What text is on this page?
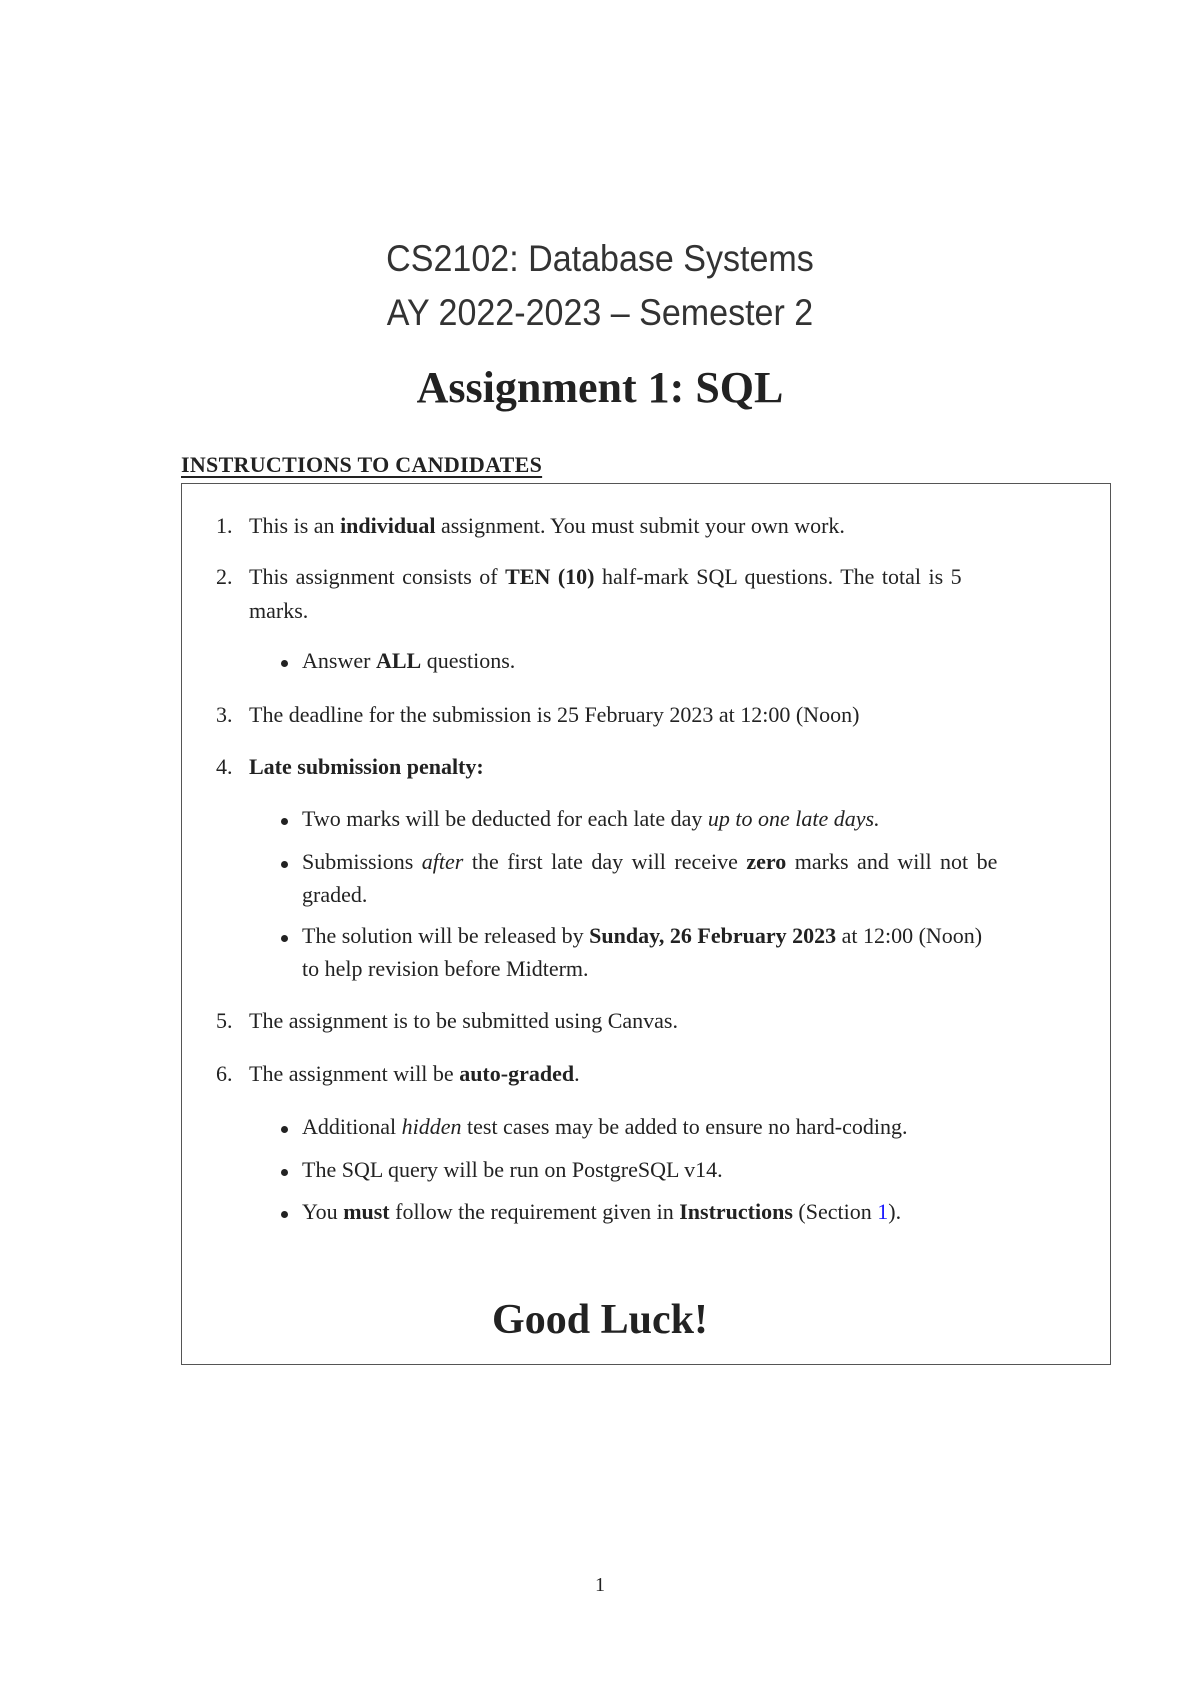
CS2102: Database Systems
AY 2022-2023 – Semester 2
Assignment 1: SQL
INSTRUCTIONS TO CANDIDATES
1. This is an individual assignment. You must submit your own work.
2. This assignment consists of TEN (10) half-mark SQL questions. The total is 5
marks.
Answer ALL questions.
3. The deadline for the submission is 25 February 2023 at 12:00 (Noon)
4. Late submission penalty:
Two marks will be deducted for each late day up to one late days.
Submissions after the first late day will receive zero marks and will not be
graded.
The solution will be released by Sunday, 26 February 2023 at 12:00 (Noon)
to help revision before Midterm.
5. The assignment is to be submitted using Canvas.
6. The assignment will be auto-graded.
Additional hidden test cases may be added to ensure no hard-coding.
The SQL query will be run on PostgreSQL v14.
You must follow the requirement given in Instructions (Section 1).
Good Luck!
1
